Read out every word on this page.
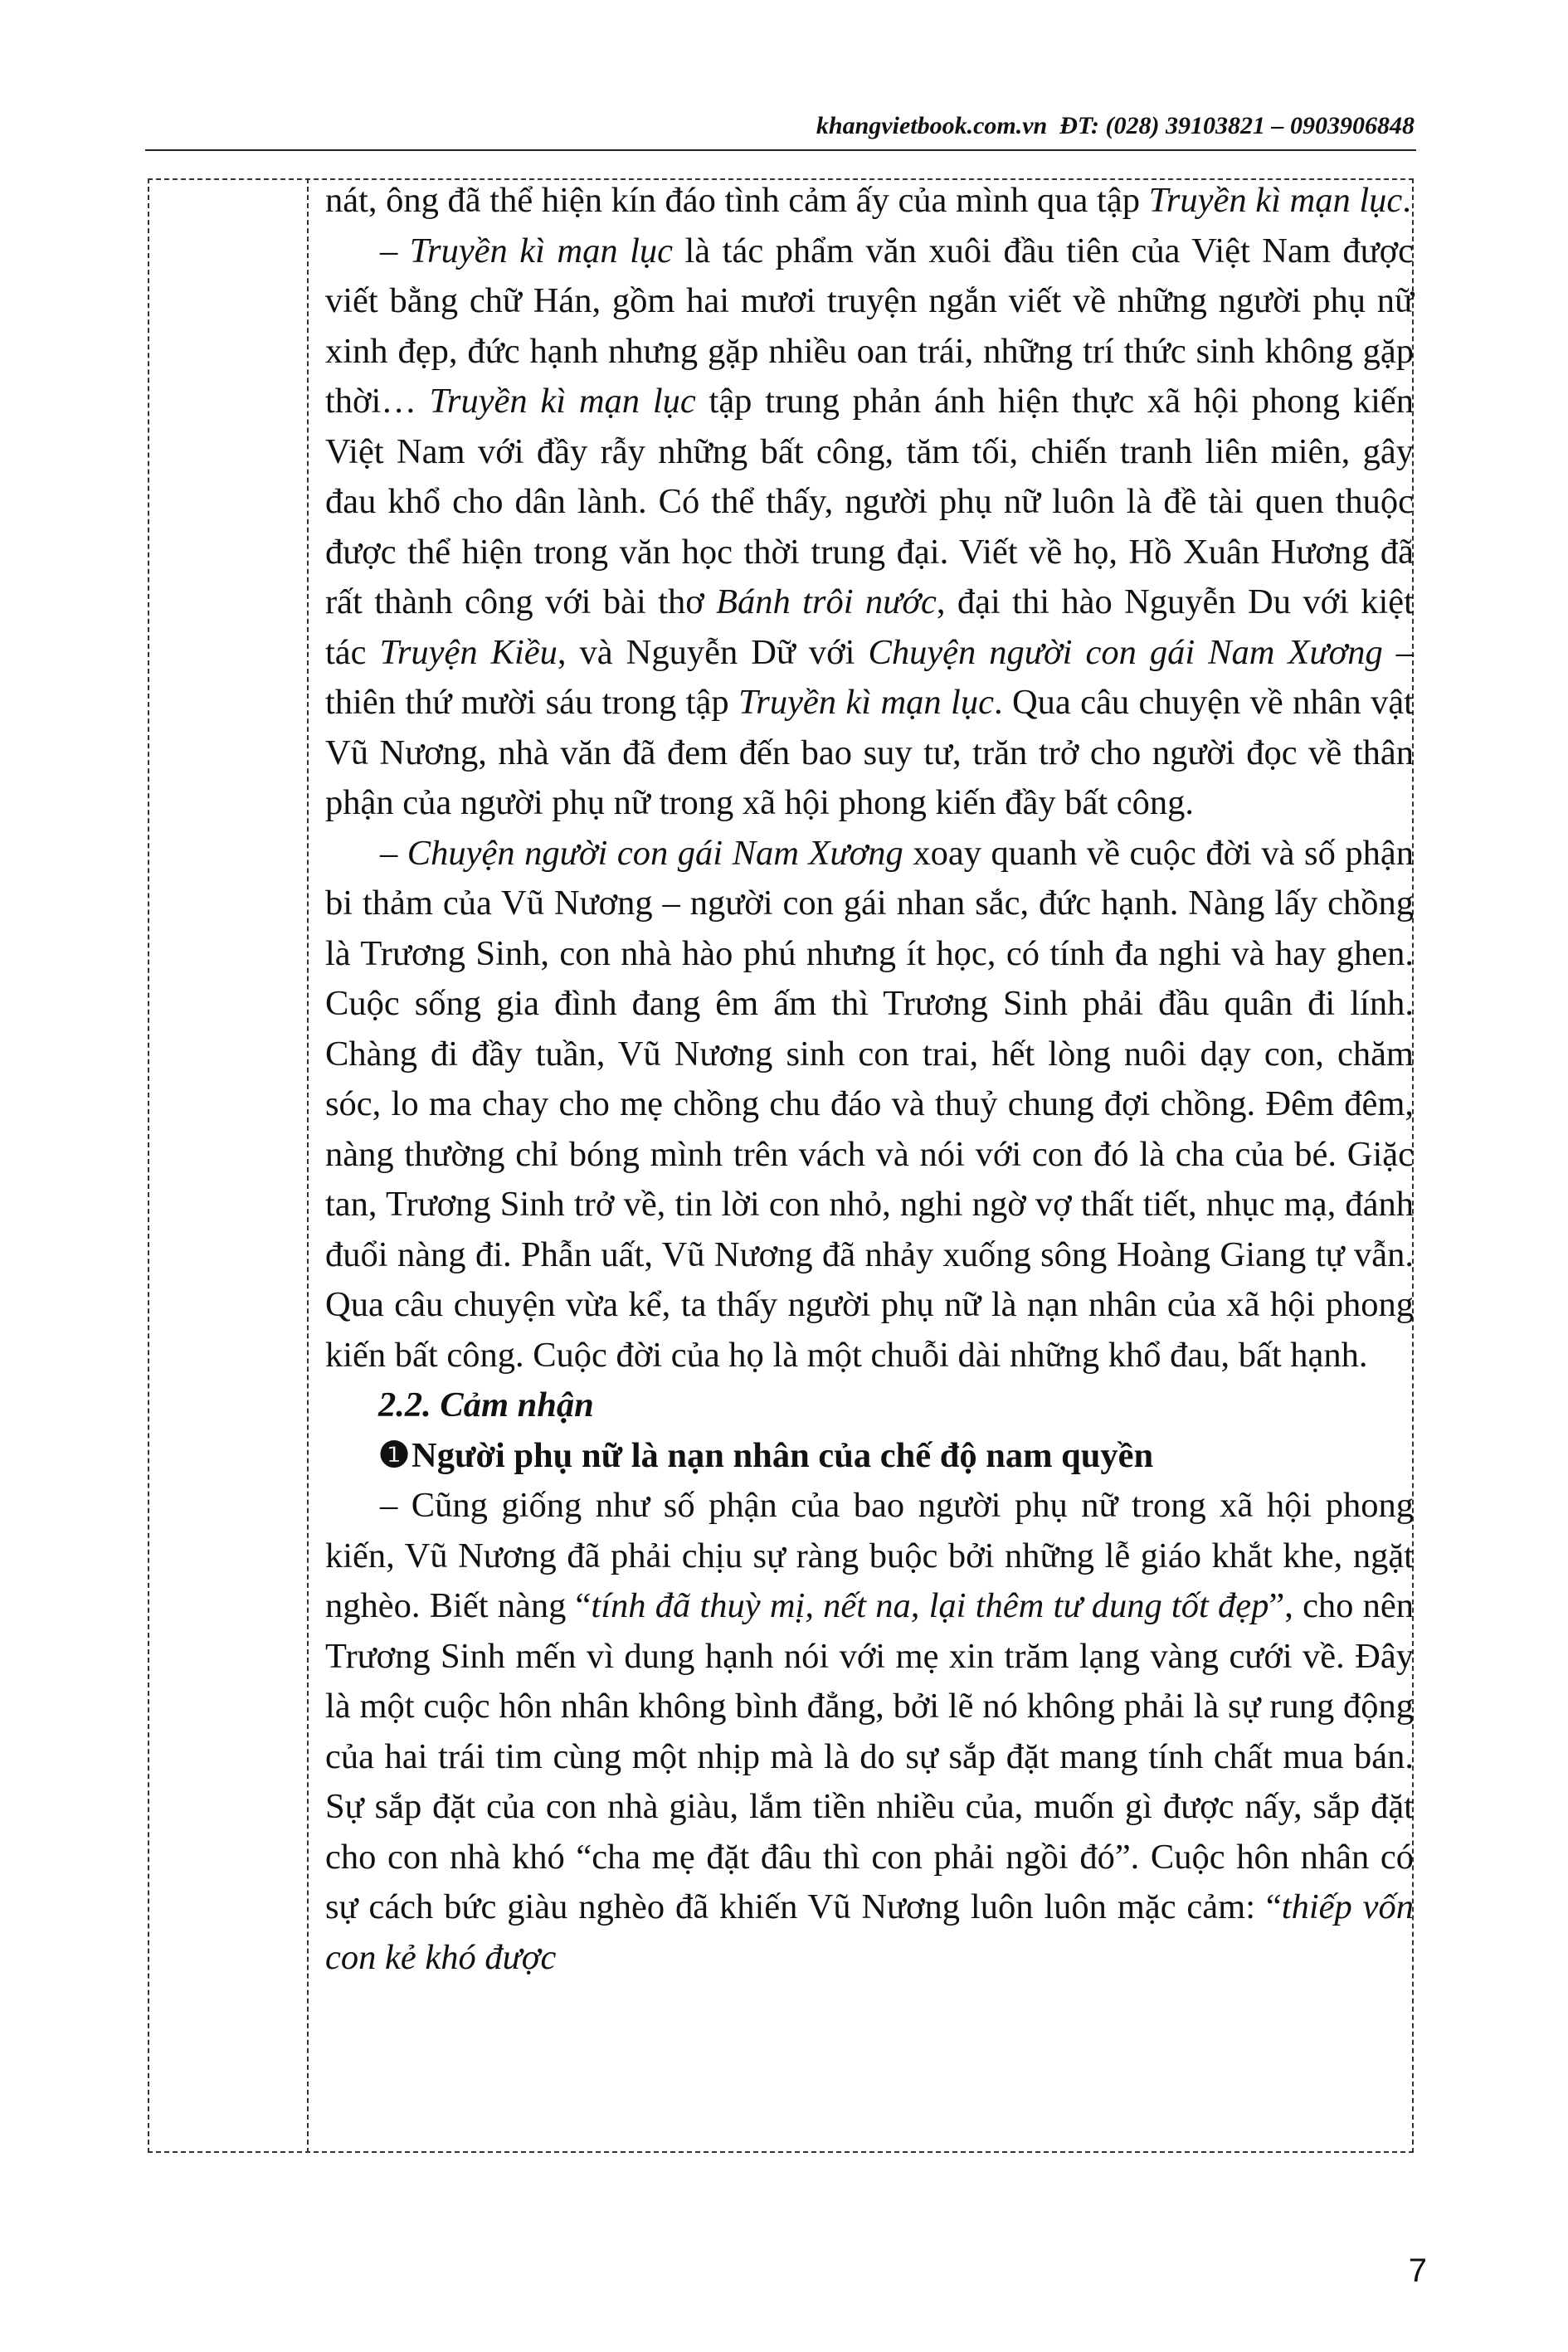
khangvietbook.com.vn ĐT: (028) 39103821 – 0903906848

nát, ông đã thể hiện kín đáo tình cảm ấy của mình qua tập Truyền kì mạn lục.

– Truyền kì mạn lục là tác phẩm văn xuôi đầu tiên của Việt Nam được viết bằng chữ Hán, gồm hai mươi truyện ngắn viết về những người phụ nữ xinh đẹp, đức hạnh nhưng gặp nhiều oan trái, những trí thức sinh không gặp thời… Truyền kì mạn lục tập trung phản ánh hiện thực xã hội phong kiến Việt Nam với đầy rẫy những bất công, tăm tối, chiến tranh liên miên, gây đau khổ cho dân lành. Có thể thấy, người phụ nữ luôn là đề tài quen thuộc được thể hiện trong văn học thời trung đại. Viết về họ, Hồ Xuân Hương đã rất thành công với bài thơ Bánh trôi nước, đại thi hào Nguyễn Du với kiệt tác Truyện Kiều, và Nguyễn Dữ với Chuyện người con gái Nam Xương – thiên thứ mười sáu trong tập Truyền kì mạn lục. Qua câu chuyện về nhân vật Vũ Nương, nhà văn đã đem đến bao suy tư, trăn trở cho người đọc về thân phận của người phụ nữ trong xã hội phong kiến đầy bất công.

– Chuyện người con gái Nam Xương xoay quanh về cuộc đời và số phận bi thảm của Vũ Nương – người con gái nhan sắc, đức hạnh. Nàng lấy chồng là Trương Sinh, con nhà hào phú nhưng ít học, có tính đa nghi và hay ghen. Cuộc sống gia đình đang êm ấm thì Trương Sinh phải đầu quân đi lính. Chàng đi đầy tuần, Vũ Nương sinh con trai, hết lòng nuôi dạy con, chăm sóc, lo ma chay cho mẹ chồng chu đáo và thuỷ chung đợi chồng. Đêm đêm, nàng thường chỉ bóng mình trên vách và nói với con đó là cha của bé. Giặc tan, Trương Sinh trở về, tin lời con nhỏ, nghi ngờ vợ thất tiết, nhục mạ, đánh đuổi nàng đi. Phẫn uất, Vũ Nương đã nhảy xuống sông Hoàng Giang tự vẫn. Qua câu chuyện vừa kể, ta thấy người phụ nữ là nạn nhân của xã hội phong kiến bất công. Cuộc đời của họ là một chuỗi dài những khổ đau, bất hạnh.

2.2. Cảm nhận

❶Người phụ nữ là nạn nhân của chế độ nam quyền

– Cũng giống như số phận của bao người phụ nữ trong xã hội phong kiến, Vũ Nương đã phải chịu sự ràng buộc bởi những lễ giáo khắt khe, ngặt nghèo. Biết nàng “tính đã thuỳ mị, nết na, lại thêm tư dung tốt đẹp”, cho nên Trương Sinh mến vì dung hạnh nói với mẹ xin trăm lạng vàng cưới về. Đây là một cuộc hôn nhân không bình đẳng, bởi lẽ nó không phải là sự rung động của hai trái tim cùng một nhịp mà là do sự sắp đặt mang tính chất mua bán. Sự sắp đặt của con nhà giàu, lắm tiền nhiều của, muốn gì được nấy, sắp đặt cho con nhà khó “cha mẹ đặt đâu thì con phải ngồi đó”. Cuộc hôn nhân có sự cách bức giàu nghèo đã khiến Vũ Nương luôn luôn mặc cảm: “thiếp vốn con kẻ khó được

7
